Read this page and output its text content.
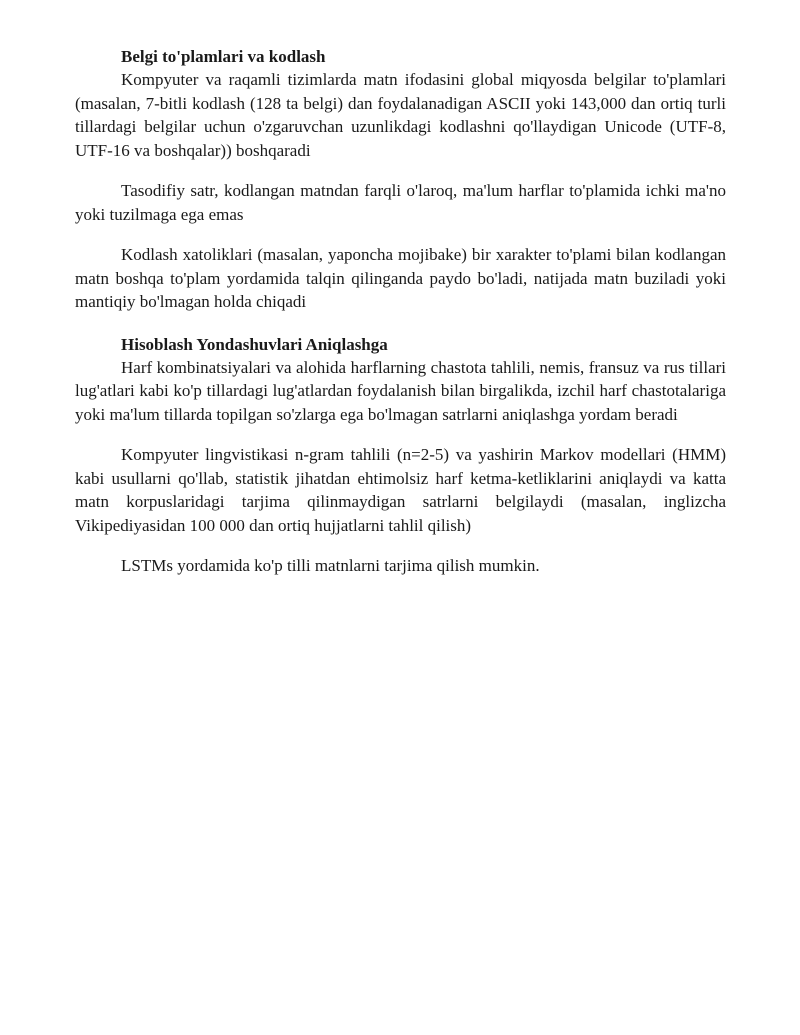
Belgi to'plamlari va kodlash

Kompyuter va raqamli tizimlarda matn ifodasini global miqyosda belgilar to'plamlari (masalan, 7-bitli kodlash (128 ta belgi) dan foydalanadigan ASCII yoki 143,000 dan ortiq turli tillardagi belgilar uchun o'zgaruvchan uzunlikdagi kodlashni qo'llaydigan Unicode (UTF-8, UTF-16 va boshqalar)) boshqaradi

Tasodifiy satr, kodlangan matndan farqli o'laroq, ma'lum harflar to'plamida ichki ma'no yoki tuzilmaga ega emas

Kodlash xatoliklari (masalan, yaponcha mojibake) bir xarakter to'plami bilan kodlangan matn boshqa to'plam yordamida talqin qilinganda paydo bo'ladi, natijada matn buziladi yoki mantiqiy bo'lmagan holda chiqadi

Hisoblash Yondashuvlari Aniqlashga

Harf kombinatsiyalari va alohida harflarning chastota tahlili, nemis, fransuz va rus tillari lug'atlari kabi ko'p tillardagi lug'atlardan foydalanish bilan birgalikda, izchil harf chastotalariga yoki ma'lum tillarda topilgan so'zlarga ega bo'lmagan satrlarni aniqlashga yordam beradi

Kompyuter lingvistikasi n-gram tahlili (n=2-5) va yashirin Markov modellari (HMM) kabi usullarni qo'llab, statistik jihatdan ehtimolsiz harf ketma-ketliklarini aniqlaydi va katta matn korpuslaridagi tarjima qilinmaydigan satrlarni belgilaydi (masalan, inglizcha Vikipediyasidan 100 000 dan ortiq hujjatlarni tahlil qilish)

LSTMs yordamida ko'p tilli matnlarni tarjima qilish mumkin.
